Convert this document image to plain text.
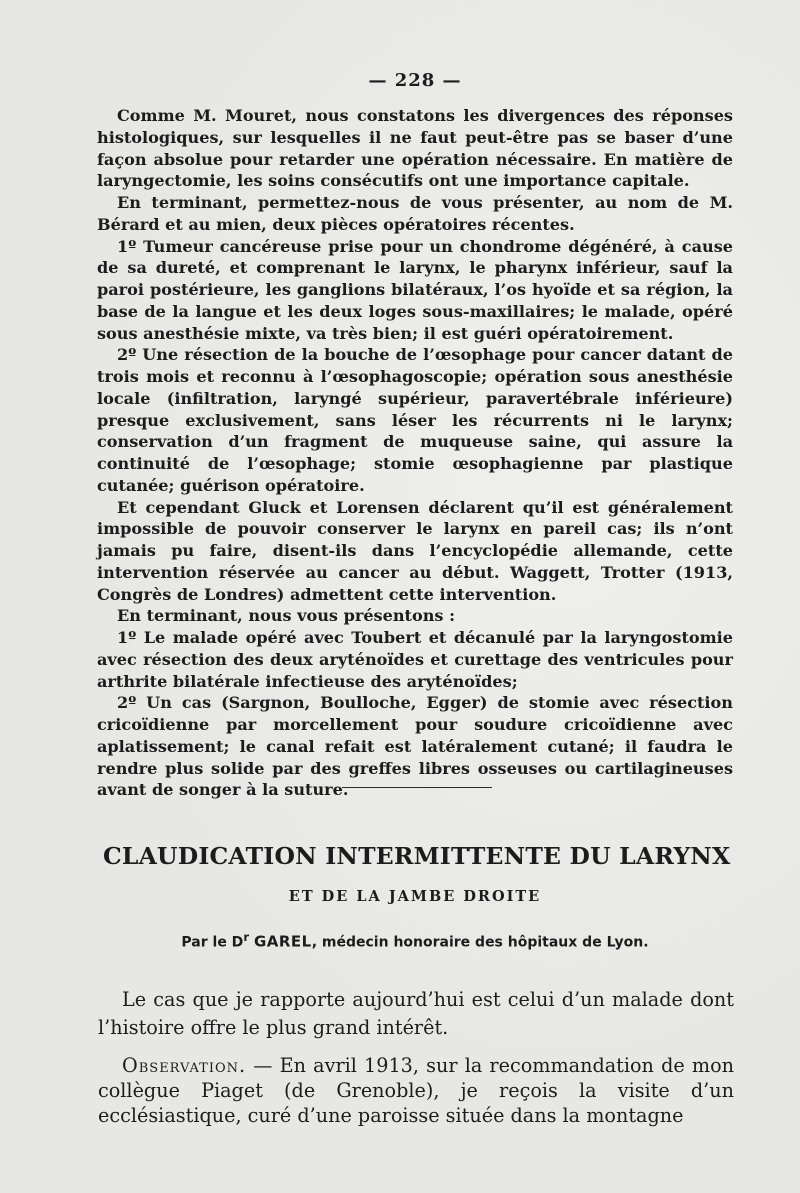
— 228 —

Comme M. Mouret, nous constatons les divergences des réponses histologiques, sur lesquelles il ne faut peut-être pas se baser d’une façon absolue pour retarder une opération nécessaire. En matière de laryngectomie, les soins consécutifs ont une importance capitale.

En terminant, permettez-nous de vous présenter, au nom de M. Bérard et au mien, deux pièces opératoires récentes.

1º Tumeur cancéreuse prise pour un chondrome dégénéré, à cause de sa dureté, et comprenant le larynx, le pharynx inférieur, sauf la paroi postérieure, les ganglions bilatéraux, l’os hyoïde et sa région, la base de la langue et les deux loges sous-maxillaires; le malade, opéré sous anesthésie mixte, va très bien; il est guéri opératoirement.

2º Une résection de la bouche de l’œsophage pour cancer datant de trois mois et reconnu à l’œsophagoscopie; opération sous anesthésie locale (infiltration, laryngé supérieur, paravertébrale inférieure) presque exclusivement, sans léser les récurrents ni le larynx; conservation d’un fragment de muqueuse saine, qui assure la continuité de l’œsophage; stomie œsophagienne par plastique cutanée; guérison opératoire.

Et cependant Gluck et Lorensen déclarent qu’il est généralement impossible de pouvoir conserver le larynx en pareil cas; ils n’ont jamais pu faire, disent-ils dans l’encyclopédie allemande, cette intervention réservée au cancer au début. Waggett, Trotter (1913, Congrès de Londres) admettent cette intervention.

En terminant, nous vous présentons :

1º Le malade opéré avec Toubert et décanulé par la laryngostomie avec résection des deux aryténoïdes et curettage des ventricules pour arthrite bilatérale infectieuse des aryténoïdes;

2º Un cas (Sargnon, Boulloche, Egger) de stomie avec résection cricoïdienne par morcellement pour soudure cricoïdienne avec aplatissement; le canal refait est latéralement cutané; il faudra le rendre plus solide par des greffes libres osseuses ou cartilagineuses avant de songer à la suture.

CLAUDICATION INTERMITTENTE DU LARYNX
ET DE LA JAMBE DROITE
Par le $D^r$ GAREL, médecin honoraire des hôpitaux de Lyon.

Le cas que je rapporte aujourd’hui est celui d’un malade dont l’histoire offre le plus grand intérêt.

Observation. — En avril 1913, sur la recommandation de mon collègue Piaget (de Grenoble), je reçois la visite d’un ecclésiastique, curé d’une paroisse située dans la montagne
